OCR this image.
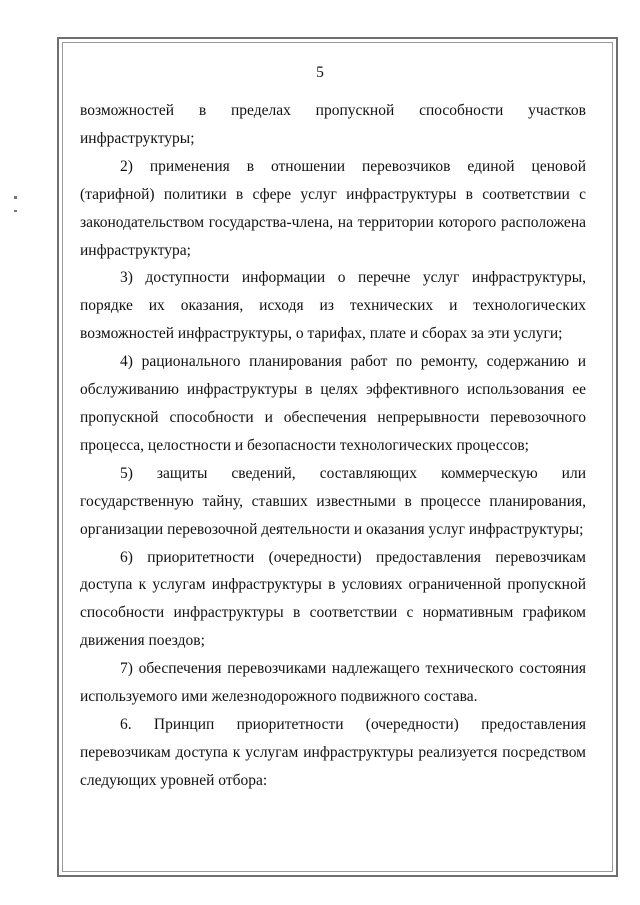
5

возможностей в пределах пропускной способности участков инфраструктуры;

2) применения в отношении перевозчиков единой ценовой (тарифной) политики в сфере услуг инфраструктуры в соответствии с законодательством государства-члена, на территории которого расположена инфраструктура;

3) доступности информации о перечне услуг инфраструктуры, порядке их оказания, исходя из технических и технологических возможностей инфраструктуры, о тарифах, плате и сборах за эти услуги;

4) рационального планирования работ по ремонту, содержанию и обслуживанию инфраструктуры в целях эффективного использования ее пропускной способности и обеспечения непрерывности перевозочного процесса, целостности и безопасности технологических процессов;

5) защиты сведений, составляющих коммерческую или государственную тайну, ставших известными в процессе планирования, организации перевозочной деятельности и оказания услуг инфраструктуры;

6) приоритетности (очередности) предоставления перевозчикам доступа к услугам инфраструктуры в условиях ограниченной пропускной способности инфраструктуры в соответствии с нормативным графиком движения поездов;

7) обеспечения перевозчиками надлежащего технического состояния используемого ими железнодорожного подвижного состава.

6. Принцип приоритетности (очередности) предоставления перевозчикам доступа к услугам инфраструктуры реализуется посредством следующих уровней отбора:
